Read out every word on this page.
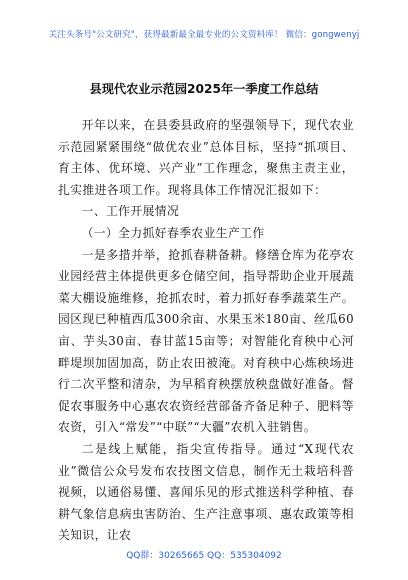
关注头条号"公文研究"，获得最新最全最专业的公文资料库！ 微信：gongwenyj
县现代农业示范园2025年一季度工作总结

开年以来，在县委县政府的坚强领导下，现代农业示范园紧紧围绕“做优农业”总体目标，坚持“抓项目、育主体、优环境、兴产业”工作理念，聚焦主责主业，扎实推进各项工作。现将具体工作情况汇报如下：

一、工作开展情况

（一）全力抓好春季农业生产工作

一是多措并举，抢抓春耕备耕。修缮仓库为花亭农业园经营主体提供更多仓储空间，指导帮助企业开展蔬菜大棚设施维修，抢抓农时，着力抓好春季蔬菜生产。园区现已种植西瓜300余亩、水果玉米180亩、丝瓜60亩、芋头30亩、春甘蓝15亩等；对智能化育秧中心河畔堤坝加固加高，防止农田被淹。对育秧中心炼秧场进行二次平整和清杂，为早稻育秧摆放秧盘做好准备。督促农事服务中心惠农农资经营部备齐备足种子、肥料等农资，引入“常发”“中联”“大疆”农机入驻销售。

二是线上赋能，指尖宣传指导。通过“X现代农业”微信公众号发布农技图文信息，制作无土栽培科普视频，以通俗易懂、喜闻乐见的形式推送科学种植、春耕气象信息病虫害防治、生产注意事项、惠农政策等相关知识，让农

QQ群：30265665 QQ：535304092
